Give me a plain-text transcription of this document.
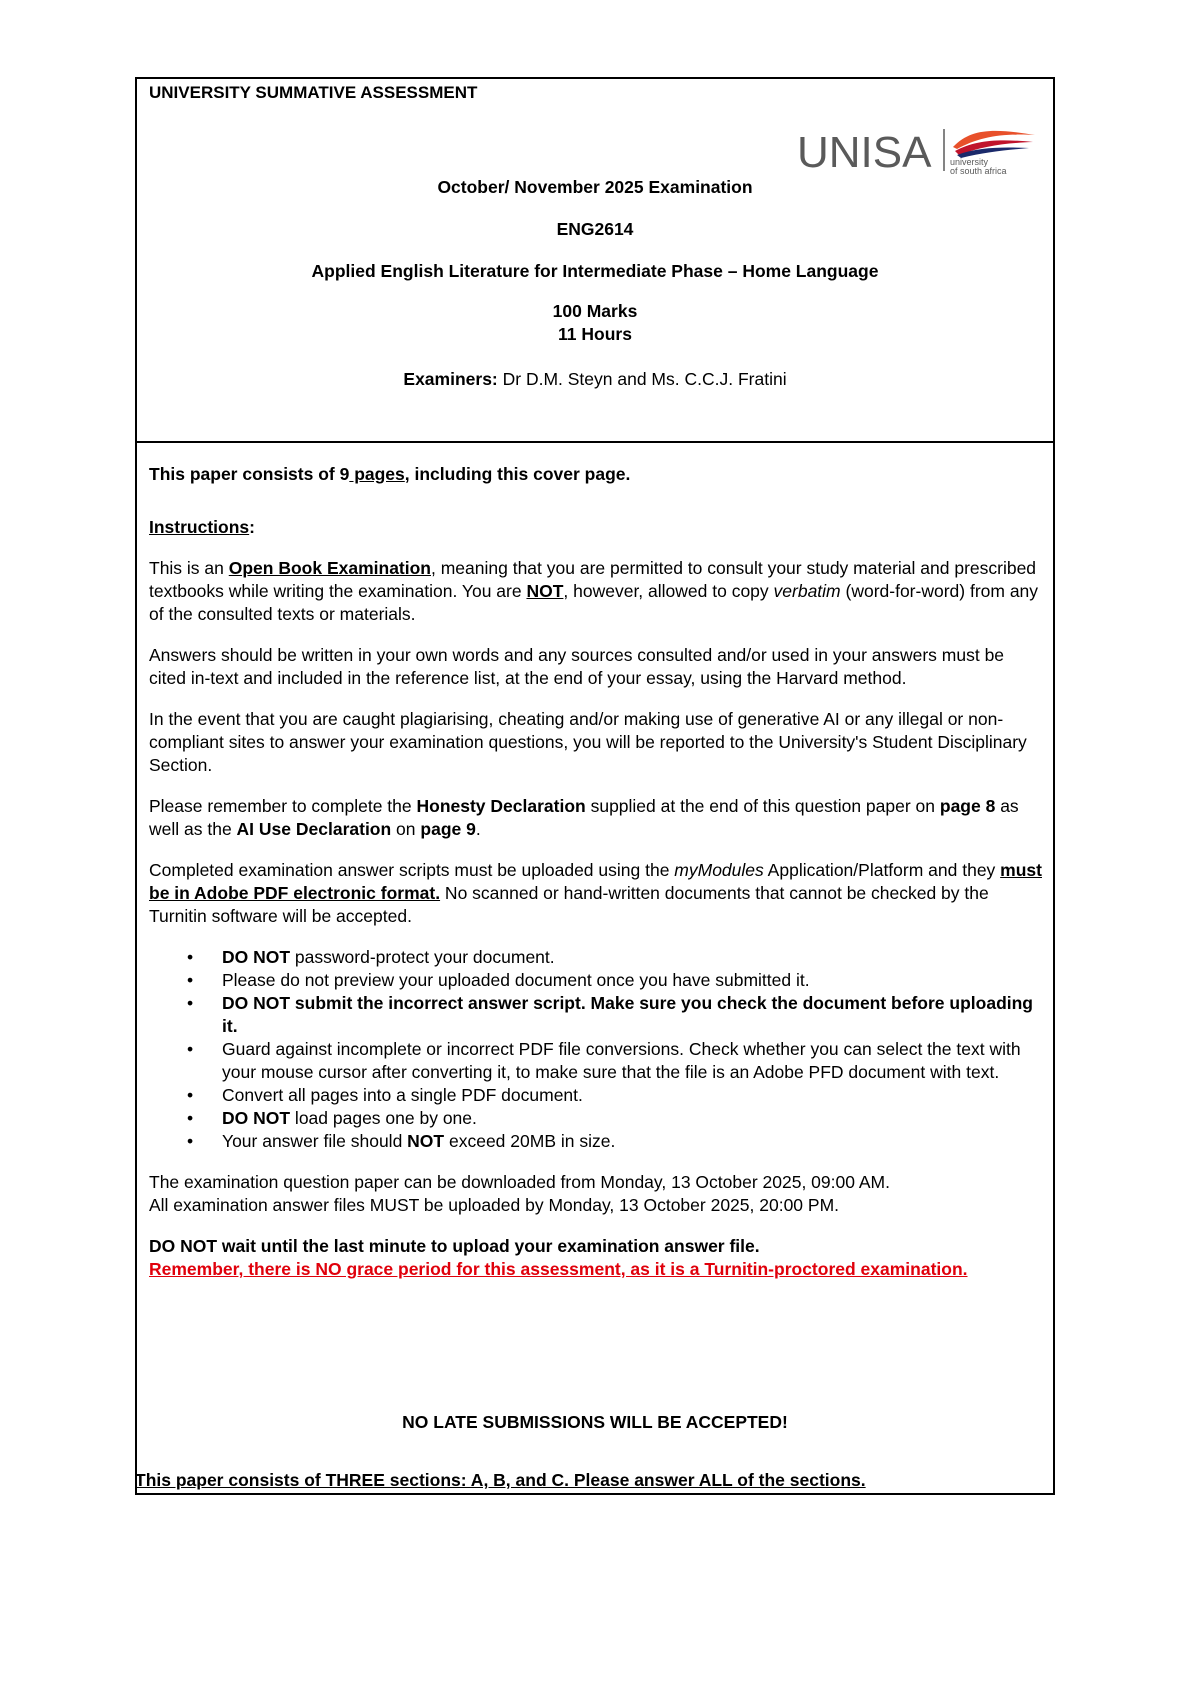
UNIVERSITY SUMMATIVE ASSESSMENT
UNISA university
of south africa
October/ November 2025 Examination
ENG2614
Applied English Literature for Intermediate Phase – Home Language
100 Marks
11 Hours
Examiners: Dr D.M. Steyn and Ms. C.C.J. Fratini

This paper consists of 9 pages, including this cover page.

Instructions:

This is an Open Book Examination, meaning that you are permitted to consult your study material and prescribed textbooks while writing the examination. You are NOT, however, allowed to copy verbatim (word-for-word) from any of the consulted texts or materials.

Answers should be written in your own words and any sources consulted and/or used in your answers must be cited in-text and included in the reference list, at the end of your essay, using the Harvard method.

In the event that you are caught plagiarising, cheating and/or making use of generative AI or any illegal or non-compliant sites to answer your examination questions, you will be reported to the University's Student Disciplinary Section.

Please remember to complete the Honesty Declaration supplied at the end of this question paper on page 8 as well as the AI Use Declaration on page 9.

Completed examination answer scripts must be uploaded using the myModules Application/Platform and they must be in Adobe PDF electronic format. No scanned or hand-written documents that cannot be checked by the Turnitin software will be accepted.

• DO NOT password-protect your document.
• Please do not preview your uploaded document once you have submitted it.
• DO NOT submit the incorrect answer script. Make sure you check the document before uploading it.
• Guard against incomplete or incorrect PDF file conversions. Check whether you can select the text with your mouse cursor after converting it, to make sure that the file is an Adobe PFD document with text.
• Convert all pages into a single PDF document.
• DO NOT load pages one by one.
• Your answer file should NOT exceed 20MB in size.

The examination question paper can be downloaded from Monday, 13 October 2025, 09:00 AM.
All examination answer files MUST be uploaded by Monday, 13 October 2025, 20:00 PM.

DO NOT wait until the last minute to upload your examination answer file.
Remember, there is NO grace period for this assessment, as it is a Turnitin-proctored examination.

NO LATE SUBMISSIONS WILL BE ACCEPTED!
This paper consists of THREE sections: A, B, and C. Please answer ALL of the sections.
